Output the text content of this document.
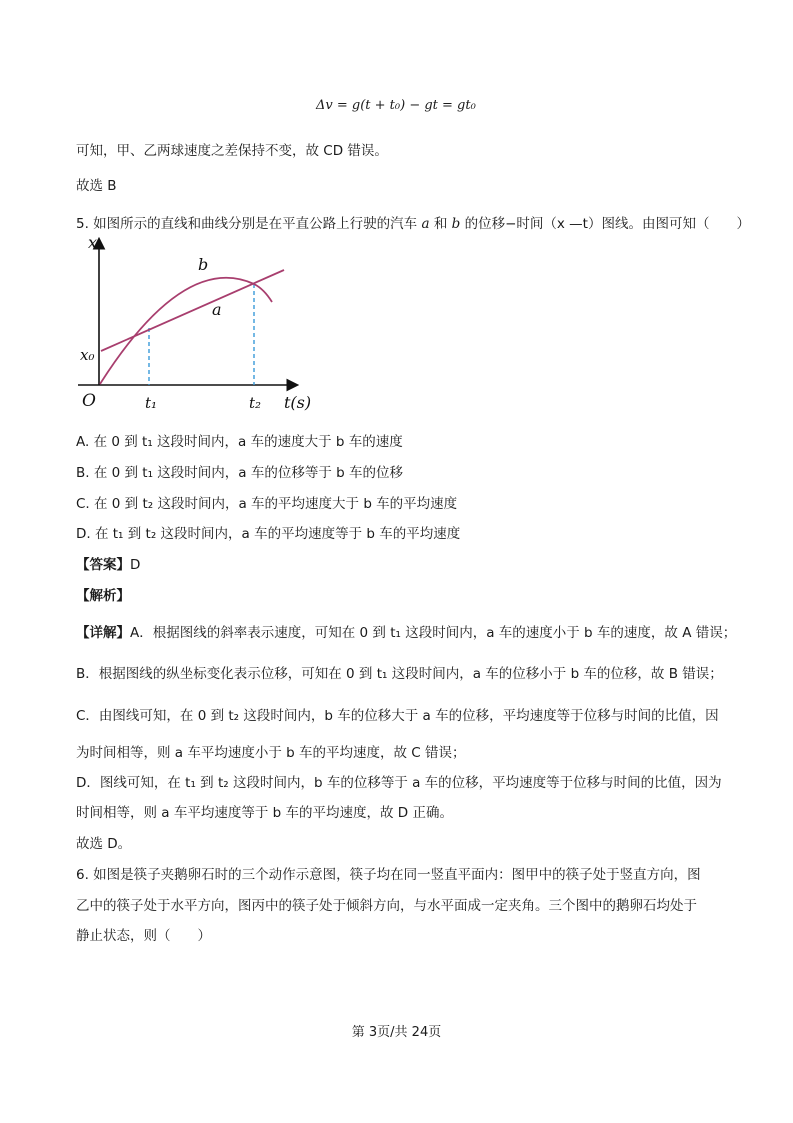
Δv = g(t + t₀) − gt = gt₀
可知，甲、乙两球速度之差保持不变，故 CD 错误。
故选 B
5. 如图所示的直线和曲线分别是在平直公路上行驶的汽车 a 和 b 的位移−时间（x —t）图线。由图可知（　　）
x
x₀
O	t₁	t₂ t(s)
b
a
A. 在 0 到 t₁ 这段时间内，a 车的速度大于 b 车的速度
B. 在 0 到 t₁ 这段时间内，a 车的位移等于 b 车的位移
C. 在 0 到 t₂ 这段时间内，a 车的平均速度大于 b 车的平均速度
D. 在 t₁ 到 t₂ 这段时间内，a 车的平均速度等于 b 车的平均速度
【答案】D
【解析】
【详解】A．根据图线的斜率表示速度，可知在 0 到 t₁ 这段时间内，a 车的速度小于 b 车的速度，故 A 错误；
B．根据图线的纵坐标变化表示位移，可知在 0 到 t₁ 这段时间内，a 车的位移小于 b 车的位移，故 B 错误；
C．由图线可知，在 0 到 t₂ 这段时间内，b 车的位移大于 a 车的位移，平均速度等于位移与时间的比值，因
为时间相等，则 a 车平均速度小于 b 车的平均速度，故 C 错误；
D．图线可知，在 t₁ 到 t₂ 这段时间内，b 车的位移等于 a 车的位移，平均速度等于位移与时间的比值，因为
时间相等，则 a 车平均速度等于 b 车的平均速度，故 D 正确。
故选 D。
6. 如图是筷子夹鹅卵石时的三个动作示意图，筷子均在同一竖直平面内：图甲中的筷子处于竖直方向，图
乙中的筷子处于水平方向，图丙中的筷子处于倾斜方向，与水平面成一定夹角。三个图中的鹅卵石均处于
静止状态，则（　　）
第 3页/共 24页
